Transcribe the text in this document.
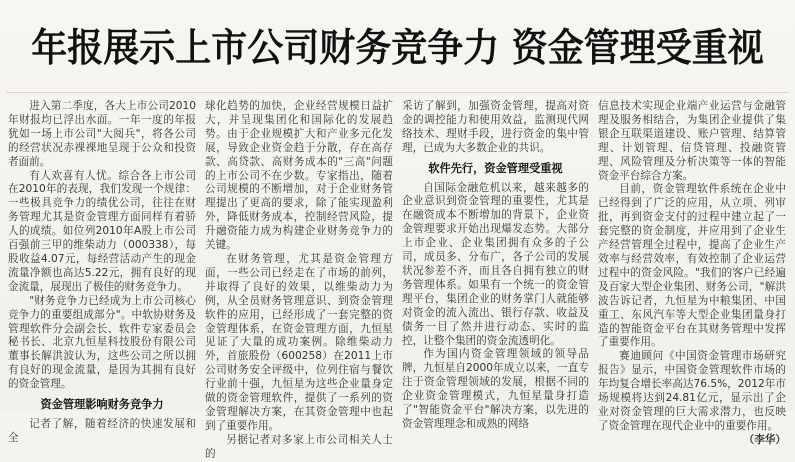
年报展示上市公司财务竞争力 资金管理受重视

进入第二季度，各大上市公司2010年财报均已浮出水面。一年一度的年报犹如一场上市公司"大阅兵"，将各公司的经营状况赤裸裸地呈现于公众和投资者面前。

有人欢喜有人忧。综合各上市公司在2010年的表现，我们发现一个规律：一些极具竞争力的绩优公司，往往在财务管理尤其是资金管理方面同样有着骄人的成绩。如位列2010年A股上市公司百强前三甲的维柴动力（000338），每股收益4.07元，每经营活动产生的现金流量净额也高达5.22元，拥有良好的现金流量，展现出了极佳的财务竞争力。

"财务竞争力已经成为上市公司核心竞争力的重要组成部分"。中软协财务及管理软件分会副会长、软件专家委员会秘书长、北京九恒星科技股份有限公司董事长解洪波认为，这些公司之所以拥有良好的现金流量，是因为其拥有良好的资金管理。

资金管理影响财务竞争力

记者了解，随着经济的快速发展和全

球化趋势的加快，企业经营规模日益扩大，并呈现集团化和国际化的发展趋势。由于企业规模扩大和产业多元化发展，导致企业资金趋于分散，存在高存款、高贷款、高财务成本的"三高"问题的上市公司不在少数。专家指出，随着公司规模的不断增加，对于企业财务管理提出了更高的要求，除了能实现盈利外，降低财务成本，控制经营风险，提升融资能力成为构建企业财务竞争力的关键。

在财务管理，尤其是资金管理方面，一些公司已经走在了市场的前列，并取得了良好的效果，以维柴动力为例，从全员财务管理意识、到资金管理软件的应用，已经形成了一套完整的资金管理体系，在资金管理方面，九恒星见证了大量的成功案例。除维柴动力外，首旅股份（600258）在2011上市公司财务安全评级中，位列住宿与餐饮行业前十强，九恒星为这些企业量身定做的资金管理软件，提供了一系列的资金管理解决方案，在其资金管理中也起到了重要作用。

另据记者对多家上市公司相关人士的

采访了解到，加强资金管理，提高对资金的调控能力和使用效益，监测现代网络技术、理财手段，进行资金的集中管理，已成为大多数企业的共识。

软件先行，资金管理受重视

自国际金融危机以来，越来越多的企业意识到资金管理的重要性，尤其是在融资成本不断增加的背景下，企业资金管理要求开始出现爆发态势。大部分上市企业、企业集团拥有众多的子公司，成员多、分布广，各子公司的发展状况参差不齐，而且各自拥有独立的财务管理体系。如果有一个统一的资金管理平台，集团企业的财务掌门人就能够对资金的流入流出、银行存款、收益及债务一目了然并进行动态、实时的监控，让整个集团的资金流透明化。

作为国内资金管理领域的领导品牌，九恒星自2000年成立以来，一直专注于资金管理领域的发展，根据不同的企业资金管理模式，九恒星量身打造了"智能资金平台"解决方案，以先进的资金管理理念和成熟的网络

信息技术实现企业端产业运营与金融管理及服务相结合，为集团企业提供了集银企互联渠道建设、账户管理、结算管理、计划管理、信贷管理、投融资管理、风险管理及分析决策等一体的智能资金平台综合方案。

目前，资金管理软件系统在企业中已经得到了广泛的应用，从立项、列审批，再到资金支付的过程中建立起了一套完整的资金制度，并应用到了企业生产经营管理全过程中，提高了企业生产效率与经营效率，有效控制了企业运营过程中的资金风险。"我们的客户已经遍及百家大型企业集团、财务公司，"解洪波告诉记者，九恒星为中粮集团、中国重工、东风汽车等大型企业集团量身打造的智能资金平台在其财务管理中发挥了重要作用。

赛迪顾问《中国资金管理市场研究报告》显示，中国资金管理软件市场的年均复合增长率高达76.5%，2012年市场规模将达到24.81亿元，显示出了企业对资金管理的巨大需求潜力，也反映了资金管理在现代企业中的重要作用。
（李华）
